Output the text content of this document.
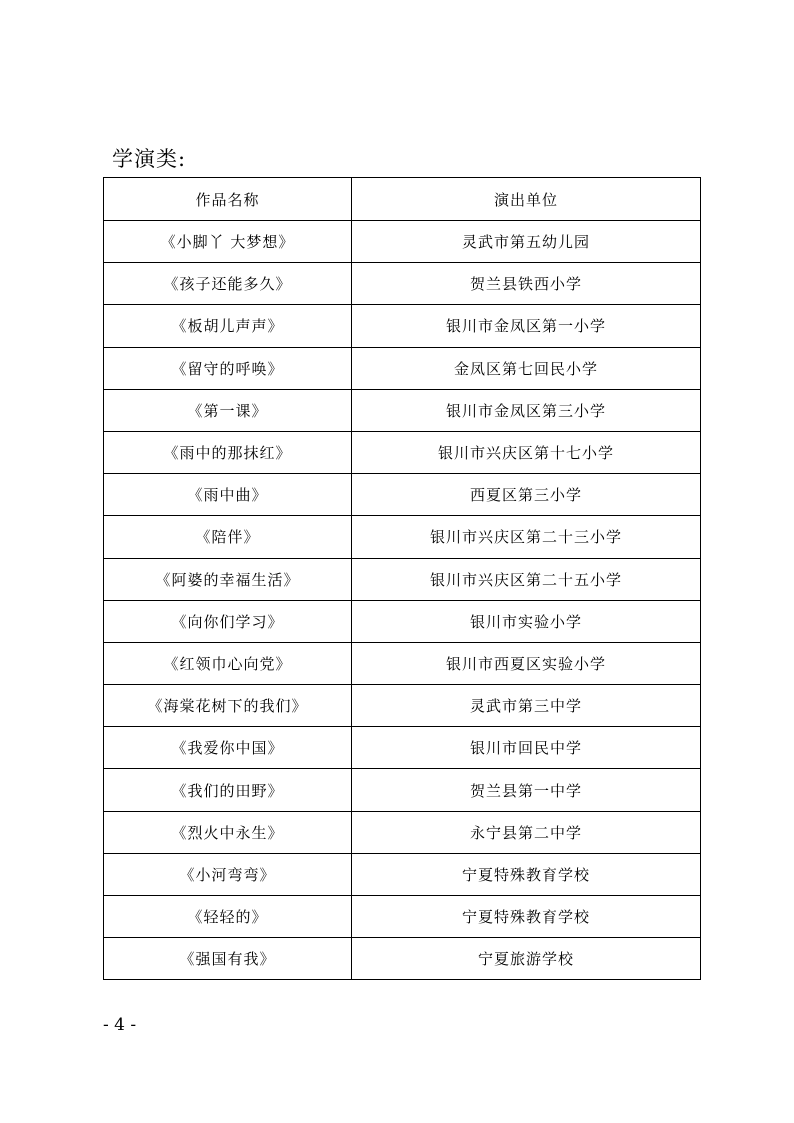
学演类:
作品名称	演出单位
《小脚丫 大梦想》	灵武市第五幼儿园
《孩子还能多久》	贺兰县铁西小学
《板胡儿声声》	银川市金凤区第一小学
《留守的呼唤》	金凤区第七回民小学
《第一课》	银川市金凤区第三小学
《雨中的那抹红》	银川市兴庆区第十七小学
《雨中曲》	西夏区第三小学
《陪伴》	银川市兴庆区第二十三小学
《阿婆的幸福生活》	银川市兴庆区第二十五小学
《向你们学习》	银川市实验小学
《红领巾心向党》	银川市西夏区实验小学
《海棠花树下的我们》	灵武市第三中学
《我爱你中国》	银川市回民中学
《我们的田野》	贺兰县第一中学
《烈火中永生》	永宁县第二中学
《小河弯弯》	宁夏特殊教育学校
《轻轻的》	宁夏特殊教育学校
《强国有我》	宁夏旅游学校

- 4 -
